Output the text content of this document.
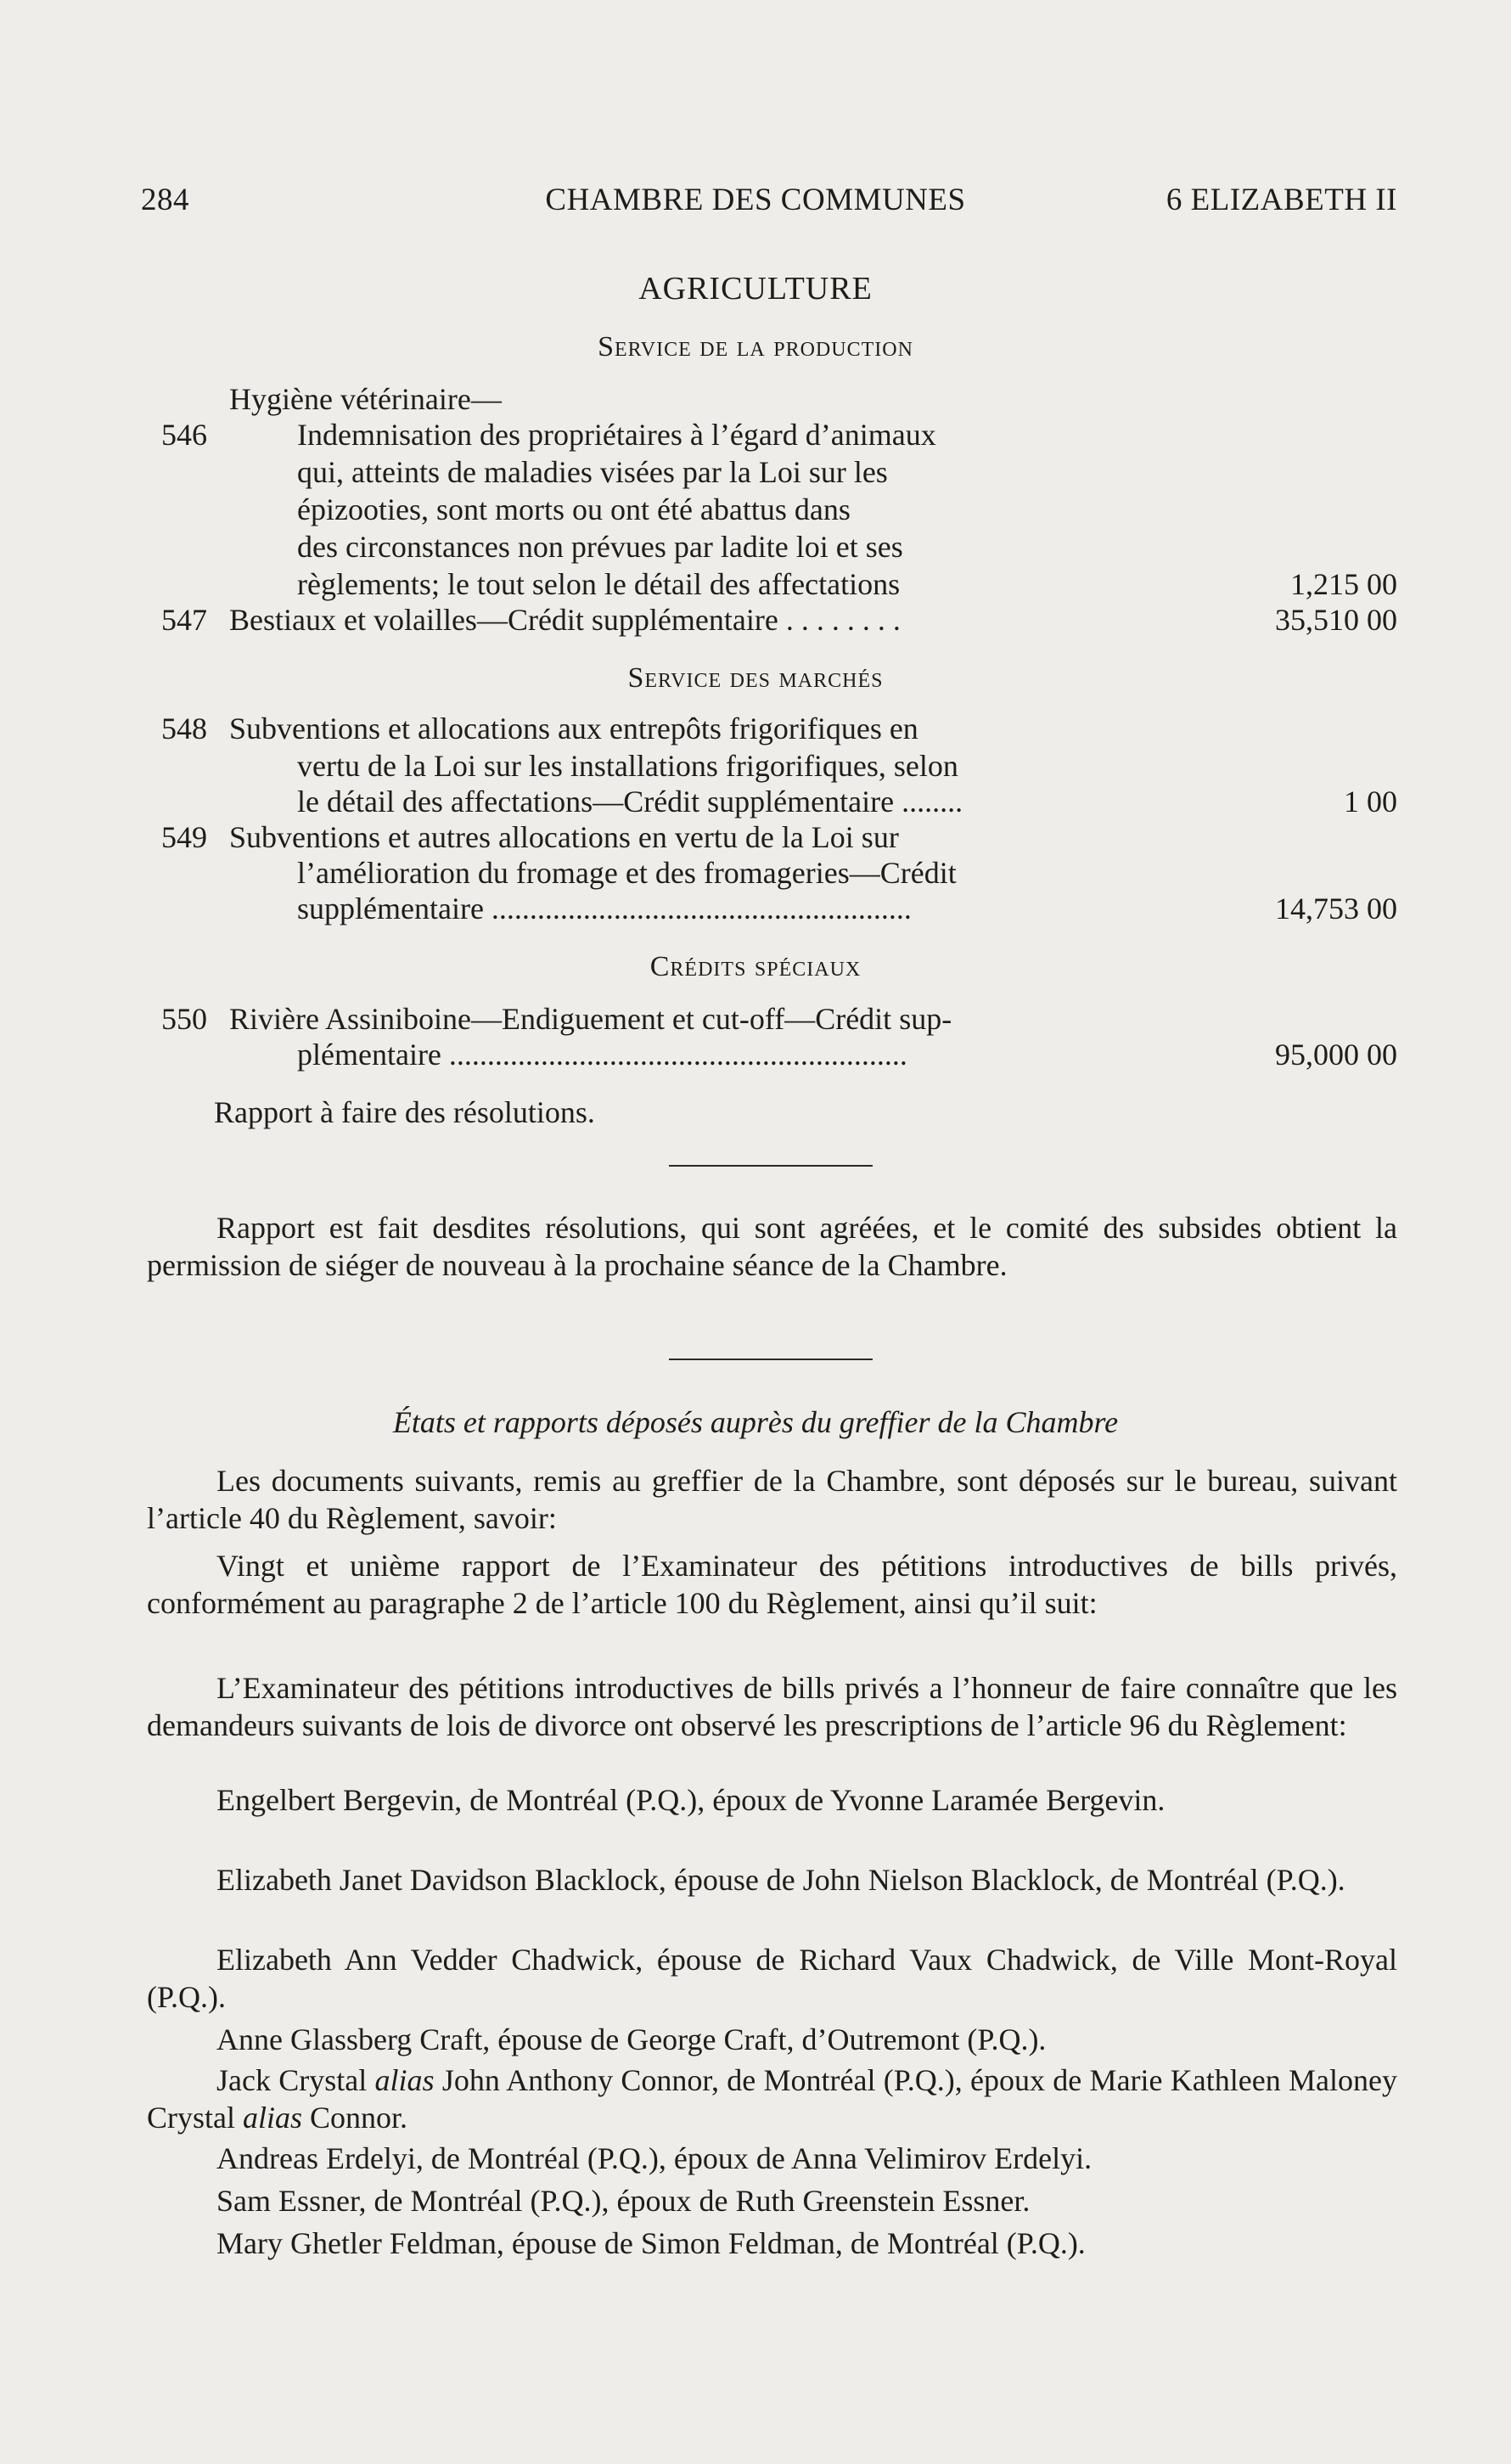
284	CHAMBRE DES COMMUNES	6 ELIZABETH II
AGRICULTURE
Service de la production
Hygiène vétérinaire—
546	Indemnisation des propriétaires à l’égard d’animaux
qui, atteints de maladies visées par la Loi sur les
épizooties, sont morts ou ont été abattus dans
des circonstances non prévues par ladite loi et ses
règlements; le tout selon le détail des affectations	1,215 00
547 Bestiaux et volailles—Crédit supplémentaire . . . . . . . .	35,510 00
Service des marchés
548 Subventions et allocations aux entrepôts frigorifiques en
vertu de la Loi sur les installations frigorifiques, selon
le détail des affectations—Crédit supplémentaire ........	1 00
549 Subventions et autres allocations en vertu de la Loi sur
l’amélioration du fromage et des fromageries—Crédit
supplémentaire .......................................................	14,753 00
Crédits spéciaux
550 Rivière Assiniboine—Endiguement et cut-off—Crédit sup-
plémentaire ............................................................	95,000 00
Rapport à faire des résolutions.
Rapport est fait desdites résolutions, qui sont agréées, et le comité des subsides obtient la permission de siéger de nouveau à la prochaine séance de la Chambre.
États et rapports déposés auprès du greffier de la Chambre
Les documents suivants, remis au greffier de la Chambre, sont déposés sur le bureau, suivant l’article 40 du Règlement, savoir:
Vingt et unième rapport de l’Examinateur des pétitions introductives de bills privés, conformément au paragraphe 2 de l’article 100 du Règlement, ainsi qu’il suit:
L’Examinateur des pétitions introductives de bills privés a l’honneur de faire connaître que les demandeurs suivants de lois de divorce ont observé les prescriptions de l’article 96 du Règlement:
Engelbert Bergevin, de Montréal (P.Q.), époux de Yvonne Laramée Bergevin.
Elizabeth Janet Davidson Blacklock, épouse de John Nielson Blacklock, de Montréal (P.Q.).
Elizabeth Ann Vedder Chadwick, épouse de Richard Vaux Chadwick, de Ville Mont-Royal (P.Q.).
Anne Glassberg Craft, épouse de George Craft, d’Outremont (P.Q.).
Jack Crystal alias John Anthony Connor, de Montréal (P.Q.), époux de Marie Kathleen Maloney Crystal alias Connor.
Andreas Erdelyi, de Montréal (P.Q.), époux de Anna Velimirov Erdelyi.
Sam Essner, de Montréal (P.Q.), époux de Ruth Greenstein Essner.
Mary Ghetler Feldman, épouse de Simon Feldman, de Montréal (P.Q.).
